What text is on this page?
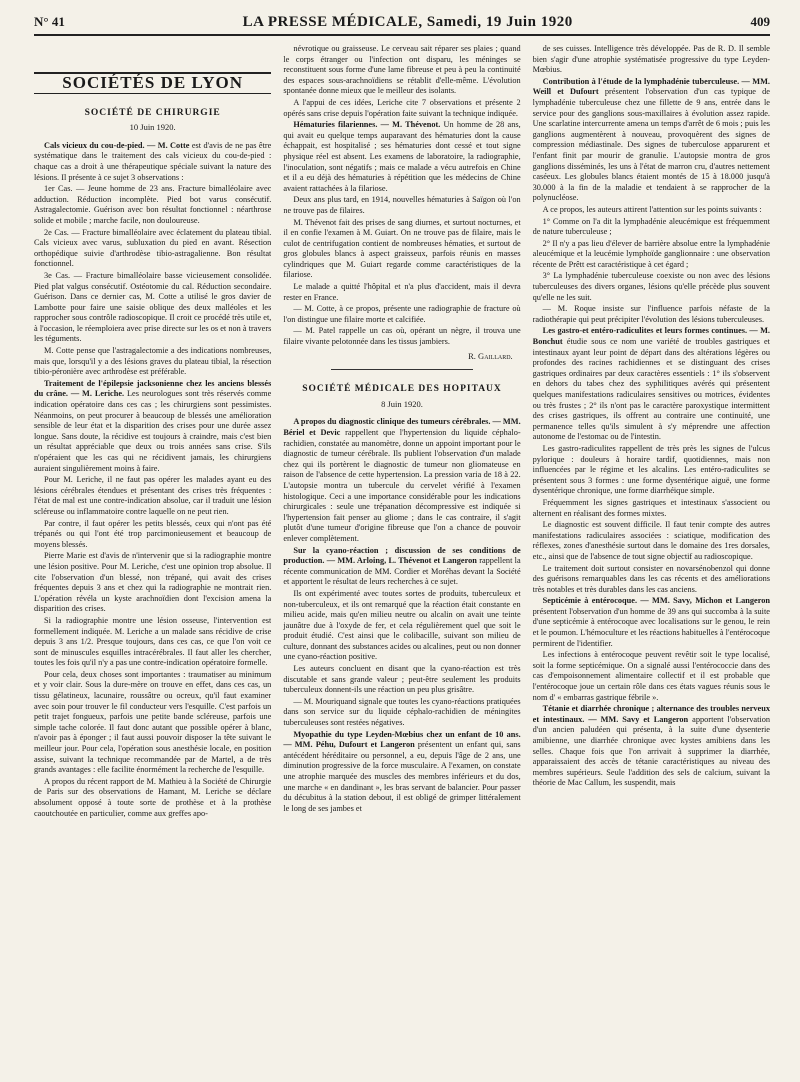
N° 41	LA PRESSE MÉDICALE, Samedi, 19 Juin 1920	409
SOCIÉTÉS DE LYON
SOCIÉTÉ DE CHIRURGIE
10 Juin 1920.

Cals vicieux du cou-de-pied. — M. Cotte est d'avis de ne pas être systématique dans le traitement des cals vicieux du cou-de-pied : chaque cas a droit à une thérapeutique spéciale suivant la nature des lésions. Il présente à ce sujet 3 observations :

1er Cas. — Jeune homme de 23 ans. Fracture bimalléolaire avec adduction. Réduction incomplète. Pied bot varus consécutif. Astragalectomie. Guérison avec bon résultat fonctionnel : néarthrose solide et mobile ; marche facile, non douloureuse.

2e Cas. — Fracture bimalléolaire avec éclatement du plateau tibial. Cals vicieux avec varus, subluxation du pied en avant. Résection orthopédique suivie d'arthrodèse tibio-astragalienne. Bon résultat fonctionnel.

3e Cas. — Fracture bimalléolaire basse vicieusement consolidée. Pied plat valgus consécutif. Ostéotomie du cal. Réduction secondaire. Guérison. Dans ce dernier cas, M. Cotte a utilisé le gros davier de Lambotte pour faire une saisie oblique des deux malléoles et les rapprocher sous contrôle radioscopique. Il croit ce procédé très utile et, à l'occasion, le réemploiera avec prise directe sur les os et non à travers les téguments.

M. Cotte pense que l'astragalectomie a des indications nombreuses, mais que, lorsqu'il y a des lésions graves du plateau tibial, la résection tibio-péronière avec arthrodèse est préférable.

Traitement de l'épilepsie jacksonienne chez les anciens blessés du crâne. — M. Leriche. Les neurologues sont très réservés comme indication opératoire dans ces cas ; les chirurgiens sont pessimistes. Néanmoins, on peut procurer à beaucoup de blessés une amélioration sensible de leur état et la disparition des crises pour une durée assez longue. Sans doute, la récidive est toujours à craindre, mais c'est bien un résultat appréciable que deux ou trois années sans crise. S'ils n'opéraient que les cas qui ne récidivent jamais, les chirurgiens auraient singulièrement moins à faire.

Pour M. Leriche, il ne faut pas opérer les malades ayant eu des lésions cérébrales étendues et présentant des crises très fréquentes : l'état de mal est une contre-indication absolue, car il traduit une lésion scléreuse ou inflammatoire contre laquelle on ne peut rien.

Par contre, il faut opérer les petits blessés, ceux qui n'ont pas été trépanés ou qui l'ont été trop parcimonieusement et beaucoup de moyens blessés.

Pierre Marie est d'avis de n'intervenir que si la radiographie montre une lésion positive. Pour M. Leriche, c'est une opinion trop absolue. Il cite l'observation d'un blessé, non trépané, qui avait des crises fréquentes depuis 3 ans et chez qui la radiographie ne montrait rien. L'opération révéla un kyste arachnoïdien dont l'excision amena la disparition des crises.

Si la radiographie montre une lésion osseuse, l'intervention est formellement indiquée. M. Leriche a un malade sans récidive de crise depuis 3 ans 1/2. Presque toujours, dans ces cas, ce que l'on voit ce sont de minuscules esquilles intracérébrales. Il faut aller les chercher, toutes les fois qu'il n'y a pas une contre-indication opératoire formelle.

Pour cela, deux choses sont importantes : traumatiser au minimum et y voir clair. Sous la dure-mère on trouve en effet, dans ces cas, un tissu gélatineux, lacunaire, roussâtre ou ocreux, qu'il faut examiner avec soin pour trouver le fil conducteur vers l'esquille. C'est parfois un petit trajet fongueux, parfois une petite bande scléreuse, parfois une simple tache colorée. Il faut donc autant que possible opérer à blanc, n'avoir pas à éponger ; il faut aussi pouvoir disposer la tête suivant le meilleur jour. Pour cela, l'opération sous anesthésie locale, en position assise, suivant la technique recommandée par de Martel, a de très grands avantages : elle facilite énormément la recherche de l'esquille.

A propos du récent rapport de M. Mathieu à la Société de Chirurgie de Paris sur des observations de Hamant, M. Leriche se déclare absolument opposé à toute sorte de prothèse et à la prothèse caoutchoutée en particulier, comme aux greffes apo-

névrotique ou graisseuse. Le cerveau sait réparer ses plaies ; quand le corps étranger ou l'infection ont disparu, les méninges se reconstituent sous forme d'une lame fibreuse et peu à peu la continuité des espaces sous-arachnoïdiens se rétablit d'elle-même. L'évolution spontanée donne mieux que le meilleur des isolants.

A l'appui de ces idées, Leriche cite 7 observations et présente 2 opérés sans crise depuis l'opération faite suivant la technique indiquée.

Hématuries filariennes. — M. Thévenot. Un homme de 28 ans, qui avait eu quelque temps auparavant des hématuries dont la cause échappait, est hospitalisé ; ses hématuries dont cessé et tout signe physique réel est absent. Les examens de laboratoire, la radiographie, l'inoculation, sont négatifs ; mais ce malade a vécu autrefois en Chine et il a eu déjà des hématuries à répétition que les médecins de Chine avaient rattachées à la filariose.

Deux ans plus tard, en 1914, nouvelles hématuries à Saïgon où l'on ne trouve pas de filaires.

M. Thévenot fait des prises de sang diurnes, et surtout nocturnes, et il en confie l'examen à M. Guiart. On ne trouve pas de filaire, mais le culot de centrifugation contient de nombreuses hématies, et surtout de gros globules blancs à aspect graisseux, parfois réunis en masses cylindriques que M. Guiart regarde comme caractéristiques de la filariose.

Le malade a quitté l'hôpital et n'a plus d'accident, mais il devra rester en France.

— M. Cotte, à ce propos, présente une radiographie de fracture où l'on distingue une filaire morte et calcifiée.

— M. Patel rappelle un cas où, opérant un nègre, il trouva une filaire vivante pelotonnée dans les tissus jambiers.

R. Gaillard.
SOCIÉTÉ MÉDICALE DES HOPITAUX
8 Juin 1920.

A propos du diagnostic clinique des tumeurs cérébrales. — MM. Bériel et Devic rappellent que l'hypertension du liquide céphalo-rachidien, constatée au manomètre, donne un appoint important pour le diagnostic de tumeur cérébrale. Ils publient l'observation d'un malade chez qui ils portèrent le diagnostic de tumeur non gliomateuse en raison de l'absence de cette hypertension. La pression varia de 18 à 22. L'autopsie montra un tubercule du cervelet vérifié à l'examen histologique. Ceci a une importance considérable pour les indications chirurgicales : seule une trépanation décompressive est indiquée si l'hypertension fait penser au gliome ; dans le cas contraire, il s'agit plutôt d'une tumeur d'origine fibreuse que l'on a chance de pouvoir enlever complètement.

Sur la cyano-réaction ; discussion de ses conditions de production. — MM. Arloing, L. Thévenot et Langeron rappellent la récente communication de MM. Cordier et Moréhas devant la Société et apportent le résultat de leurs recherches à ce sujet.

Ils ont expérimenté avec toutes sortes de produits, tuberculeux et non-tuberculeux, et ils ont remarqué que la réaction était constante en milieu acide, mais qu'en milieu neutre ou alcalin on avait une teinte jaunâtre due à l'oxyde de fer, et cela régulièrement quel que soit le produit étudié. C'est ainsi que le colibacille, suivant son milieu de culture, donnant des substances acides ou alcalines, peut ou non donner une cyano-réaction positive.

Les auteurs concluent en disant que la cyano-réaction est très discutable et sans grande valeur ; peut-être seulement les produits tuberculeux donnent-ils une réaction un peu plus grisâtre.

— M. Mouriquand signale que toutes les cyano-réactions pratiquées dans son service sur du liquide céphalo-rachidien de méningites tuberculeuses sont restées négatives.

Myopathie du type Leyden-Mœbius chez un enfant de 10 ans. — MM. Péhu, Dufourt et Langeron présentent un enfant qui, sans antécédent héréditaire ou personnel, a eu, depuis l'âge de 2 ans, une diminution progressive de la force musculaire. A l'examen, on constate une atrophie marquée des muscles des membres inférieurs et du dos, une marche « en dandinant », les bras servant de balancier. Pour passer du décubitus à la station debout, il est obligé de grimper littéralement le long de ses jambes et

de ses cuisses. Intelligence très développée. Pas de R. D. Il semble bien s'agir d'une atrophie systématisée progressive du type Leyden-Mœbius.

Contribution à l'étude de la lymphadénie tuberculeuse. — MM. Weill et Dufourt présentent l'observation d'un cas typique de lymphadénie tuberculeuse chez une fillette de 9 ans, entrée dans le service pour des ganglions sous-maxillaires à évolution assez rapide. Une scarlatine intercurrente amena un temps d'arrêt de 6 mois ; puis les ganglions augmentèrent à nouveau, provoquèrent des signes de compression médiastinale. Des signes de tuberculose apparurent et l'enfant finit par mourir de granulie. L'autopsie montra de gros ganglions disséminés, les uns à l'état de marron cru, d'autres nettement caséeux. Les globules blancs étaient montés de 15 à 18.000 jusqu'à 30.000 à la fin de la maladie et tendaient à se rapprocher de la polynucléose.

A ce propos, les auteurs attirent l'attention sur les points suivants :

1° Comme on l'a dit la lymphadénie aleucémique est fréquemment de nature tuberculeuse ;

2° Il n'y a pas lieu d'élever de barrière absolue entre la lymphadénie aleucémique et la leucémie lymphoïde ganglionnaire : une observation récente de Prêtt est caractéristique à cet égard ;

3° La lymphadénie tuberculeuse coexiste ou non avec des lésions tuberculeuses des divers organes, lésions qu'elle précède plus souvent qu'elle ne les suit.

— M. Roque insiste sur l'influence parfois néfaste de la radiothérapie qui peut précipiter l'évolution des lésions tuberculeuses.

Les gastro-et entéro-radiculites et leurs formes continues. — M. Bonchut étudie sous ce nom une variété de troubles gastriques et intestinaux ayant leur point de départ dans des altérations légères ou profondes des racines rachidiennes et se distinguant des crises gastriques ordinaires par deux caractères essentiels : 1° ils s'observent en dehors du tabes chez des syphilitiques avérés qui présentent quelques manifestations radiculaires sensitives ou motrices, évidentes ou très frustes ; 2° ils n'ont pas le caractère paroxystique intermittent des crises gastriques, ils offrent au contraire une continuité, une permanence telles qu'ils simulent à s'y méprendre une affection autonome de l'estomac ou de l'intestin.

Les gastro-radiculites rappellent de très près les signes de l'ulcus pylorique : douleurs à horaire tardif, quotidiennes, mais non influencées par le régime et les alcalins. Les entéro-radiculites se présentent sous 3 formes : une forme dysentérique aiguë, une forme dysentérique chronique, une forme diarrhéique simple.

Fréquemment les signes gastriques et intestinaux s'associent ou alternent en réalisant des formes mixtes.

Le diagnostic est souvent difficile. Il faut tenir compte des autres manifestations radiculaires associées : sciatique, modification des réflexes, zones d'anesthésie surtout dans le domaine des 1res dorsales, etc., ainsi que de l'absence de tout signe objectif au radioscopique.

Le traitement doit surtout consister en novarsénobenzol qui donne des guérisons remarquables dans les cas récents et des améliorations très notables et très durables dans les cas anciens.

Septicémie à entérocoque. — MM. Savy, Michon et Langeron présentent l'observation d'un homme de 39 ans qui succomba à la suite d'une septicémie à entérocoque avec localisations sur le genou, le rein et le poumon. L'hémoculture et les réactions habituelles à l'entérocoque permirent de l'identifier.

Les infections à entérocoque peuvent revêtir soit le type localisé, soit la forme septicémique. On a signalé aussi l'entérococcie dans des cas d'empoisonnement alimentaire collectif et il est probable que l'entérocoque joue un certain rôle dans ces états vagues réunis sous le nom d' « embarras gastrique fébrile ».

Tétanie et diarrhée chronique ; alternance des troubles nerveux et intestinaux. — MM. Savy et Langeron apportent l'observation d'un ancien paludéen qui présenta, à la suite d'une dysenterie amibienne, une diarrhée chronique avec kystes amibiens dans les selles. Chaque fois que l'on arrivait à supprimer la diarrhée, apparaissaient des accès de tétanie caractéristiques au niveau des membres supérieurs. Seule l'addition des sels de calcium, suivant la théorie de Mac Callum, les suspendit, mais
